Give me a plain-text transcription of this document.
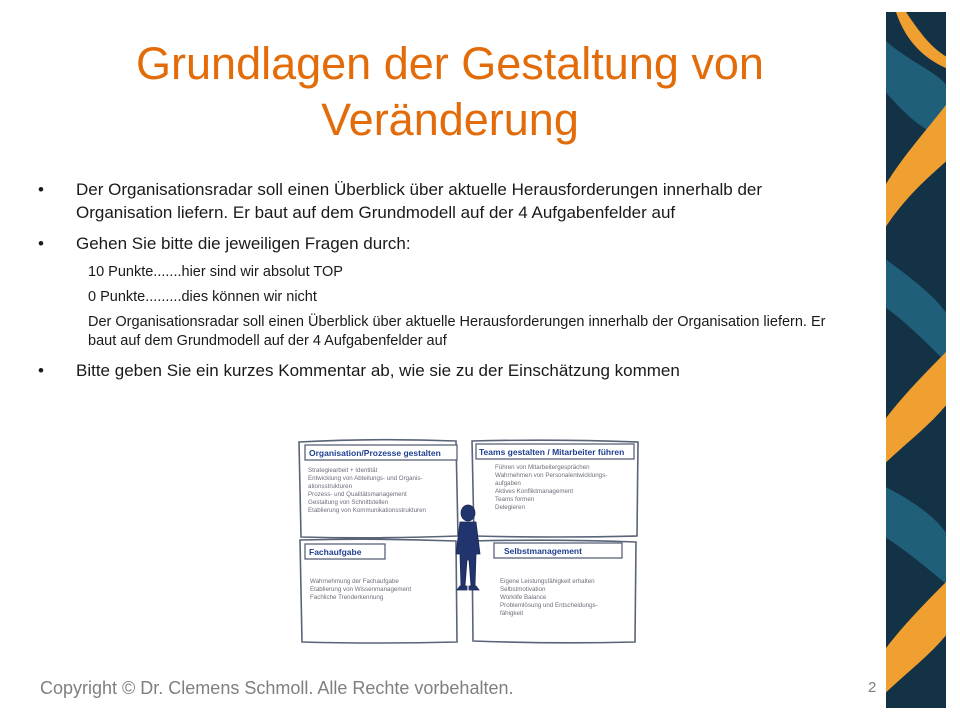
Grundlagen der Gestaltung von Veränderung
• Der Organisationsradar soll einen Überblick über aktuelle Herausforderungen innerhalb der Organisation liefern. Er baut auf dem Grundmodell auf der 4 Aufgabenfelder auf
• Gehen Sie bitte die jeweiligen Fragen durch:
10 Punkte.......hier sind wir absolut TOP
0 Punkte.........dies können wir nicht
Der Organisationsradar soll einen Überblick über aktuelle Herausforderungen innerhalb der Organisation liefern. Er baut auf dem Grundmodell auf der 4 Aufgabenfelder auf
• Bitte geben Sie ein kurzes Kommentar ab, wie sie zu der Einschätzung kommen
Organisation/Prozesse gestalten	Teams gestalten / Mitarbeiter führen
Fachaufgabe	Selbstmanagement
Strategiearbeit + Identität
Entwicklung von Abteilungs- und Organis-
ationsstrukturen
Prozess- und Qualitätsmanagement
Gestaltung von Schnittstellen
Etablierung von Kommunikationsstrukturen
Führen von Mitarbeitergesprächen
Wahrnehmen von Personalentwicklungs-
aufgaben
Aktives Konfliktmanagement
Teams formen
Delegieren
Wahrnehmung der Fachaufgabe
Etablierung von Wissenmanagement
Fachliche Trenderkennung
Eigene Leistungsfähigkeit erhalten
Selbstmotivation
Worklife Balance
Problemlösung und Entscheidungs-
fähigkeit
Copyright © Dr. Clemens Schmoll. Alle Rechte vorbehalten.	2
